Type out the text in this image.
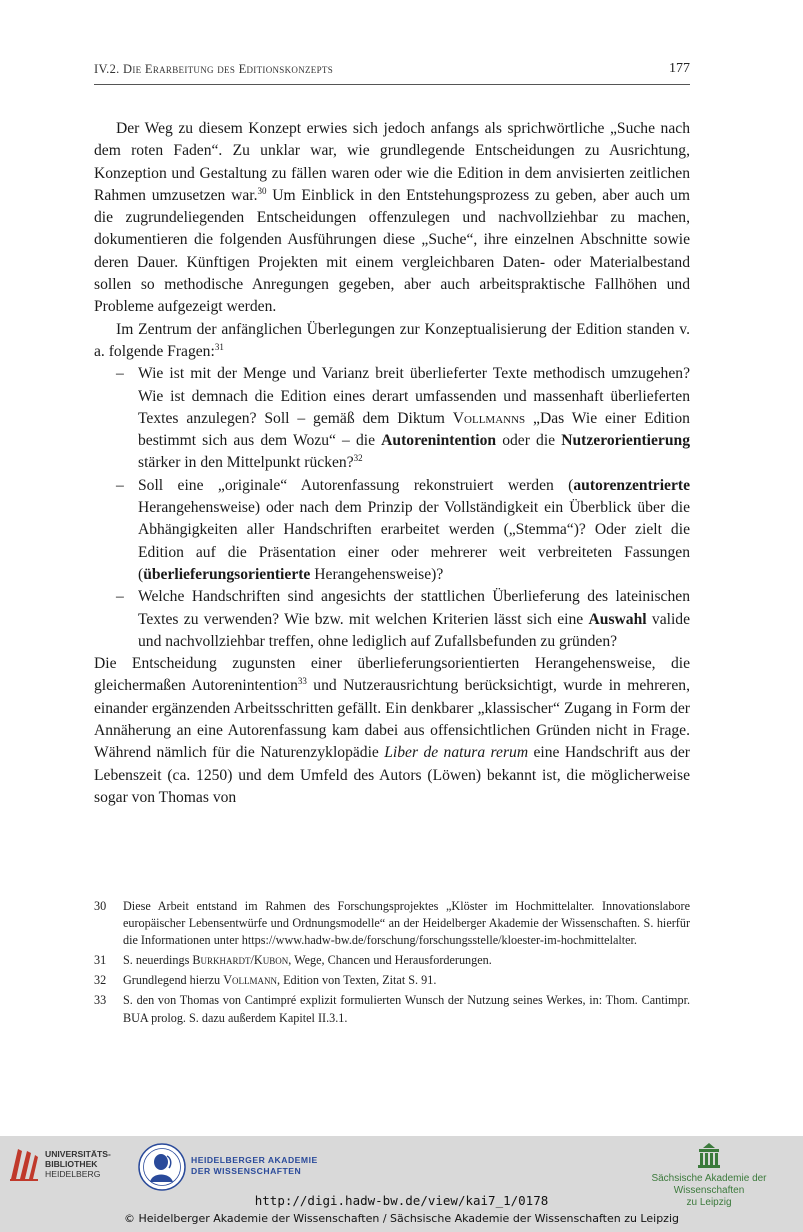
IV.2. Die Erarbeitung des Editionskonzepts	177

Der Weg zu diesem Konzept erwies sich jedoch anfangs als sprichwörtliche „Suche nach dem roten Faden“. Zu unklar war, wie grundlegende Entscheidungen zu Ausrichtung, Konzeption und Gestaltung zu fällen waren oder wie die Edition in dem anvisierten zeitlichen Rahmen umzusetzen war.$^{30}$ Um Einblick in den Entstehungsprozess zu geben, aber auch um die zugrundeliegenden Entscheidungen offenzulegen und nachvollziehbar zu machen, dokumentieren die folgenden Ausführungen diese „Suche“, ihre einzelnen Abschnitte sowie deren Dauer. Künftigen Projekten mit einem vergleichbaren Daten- oder Materialbestand sollen so methodische Anregungen gegeben, aber auch arbeitspraktische Fallhöhen und Probleme aufgezeigt werden.

Im Zentrum der anfänglichen Überlegungen zur Konzeptualisierung der Edition standen v. a. folgende Fragen:$^{31}$

– Wie ist mit der Menge und Varianz breit überlieferter Texte methodisch umzugehen? Wie ist demnach die Edition eines derart umfassenden und massenhaft überlieferten Textes anzulegen? Soll – gemäß dem Diktum Vollmanns „Das Wie einer Edition bestimmt sich aus dem Wozu“ – die Autorenintention oder die Nutzerorientierung stärker in den Mittelpunkt rücken?$^{32}$
– Soll eine „originale“ Autorenfassung rekonstruiert werden (autorenzentrierte Herangehensweise) oder nach dem Prinzip der Vollständigkeit ein Überblick über die Abhängigkeiten aller Handschriften erarbeitet werden („Stemma“)? Oder zielt die Edition auf die Präsentation einer oder mehrerer weit verbreiteten Fassungen (überlieferungsorientierte Herangehensweise)?
– Welche Handschriften sind angesichts der stattlichen Überlieferung des lateinischen Textes zu verwenden? Wie bzw. mit welchen Kriterien lässt sich eine Auswahl valide und nachvollziehbar treffen, ohne lediglich auf Zufallsbefunden zu gründen?

Die Entscheidung zugunsten einer überlieferungsorientierten Herangehensweise, die gleichermaßen Autorenintention$^{33}$ und Nutzerausrichtung berücksichtigt, wurde in mehreren, einander ergänzenden Arbeitsschritten gefällt. Ein denkbarer „klassischer“ Zugang in Form der Annäherung an eine Autorenfassung kam dabei aus offensichtlichen Gründen nicht in Frage. Während nämlich für die Naturenzyklopädie Liber de natura rerum eine Handschrift aus der Lebenszeit (ca. 1250) und dem Umfeld des Autors (Löwen) bekannt ist, die möglicherweise sogar von Thomas von

30 Diese Arbeit entstand im Rahmen des Forschungsprojektes „Klöster im Hochmittelalter. Innovationslabore europäischer Lebensentwürfe und Ordnungsmodelle“ an der Heidelberger Akademie der Wissenschaften. S. hierfür die Informationen unter https://www.hadw-bw.de/forschung/forschungsstelle/kloester-im-hochmittelalter.
31 S. neuerdings Burkhardt/Kubon, Wege, Chancen und Herausforderungen.
32 Grundlegend hierzu Vollmann, Edition von Texten, Zitat S. 91.
33 S. den von Thomas von Cantimpré explizit formulierten Wunsch der Nutzung seines Werkes, in: Thom. Cantimpr. BUA prolog. S. dazu außerdem Kapitel II.3.1.
UNIVERSITÄTS-
BIBLIOTHEK
HEIDELBERG
HEIDELBERGER AKADEMIE
DER WISSENSCHAFTEN
Sächsische Akademie der Wissenschaften
zu Leipzig
http://digi.hadw-bw.de/view/kai7_1/0178
© Heidelberger Akademie der Wissenschaften / Sächsische Akademie der Wissenschaften zu Leipzig
